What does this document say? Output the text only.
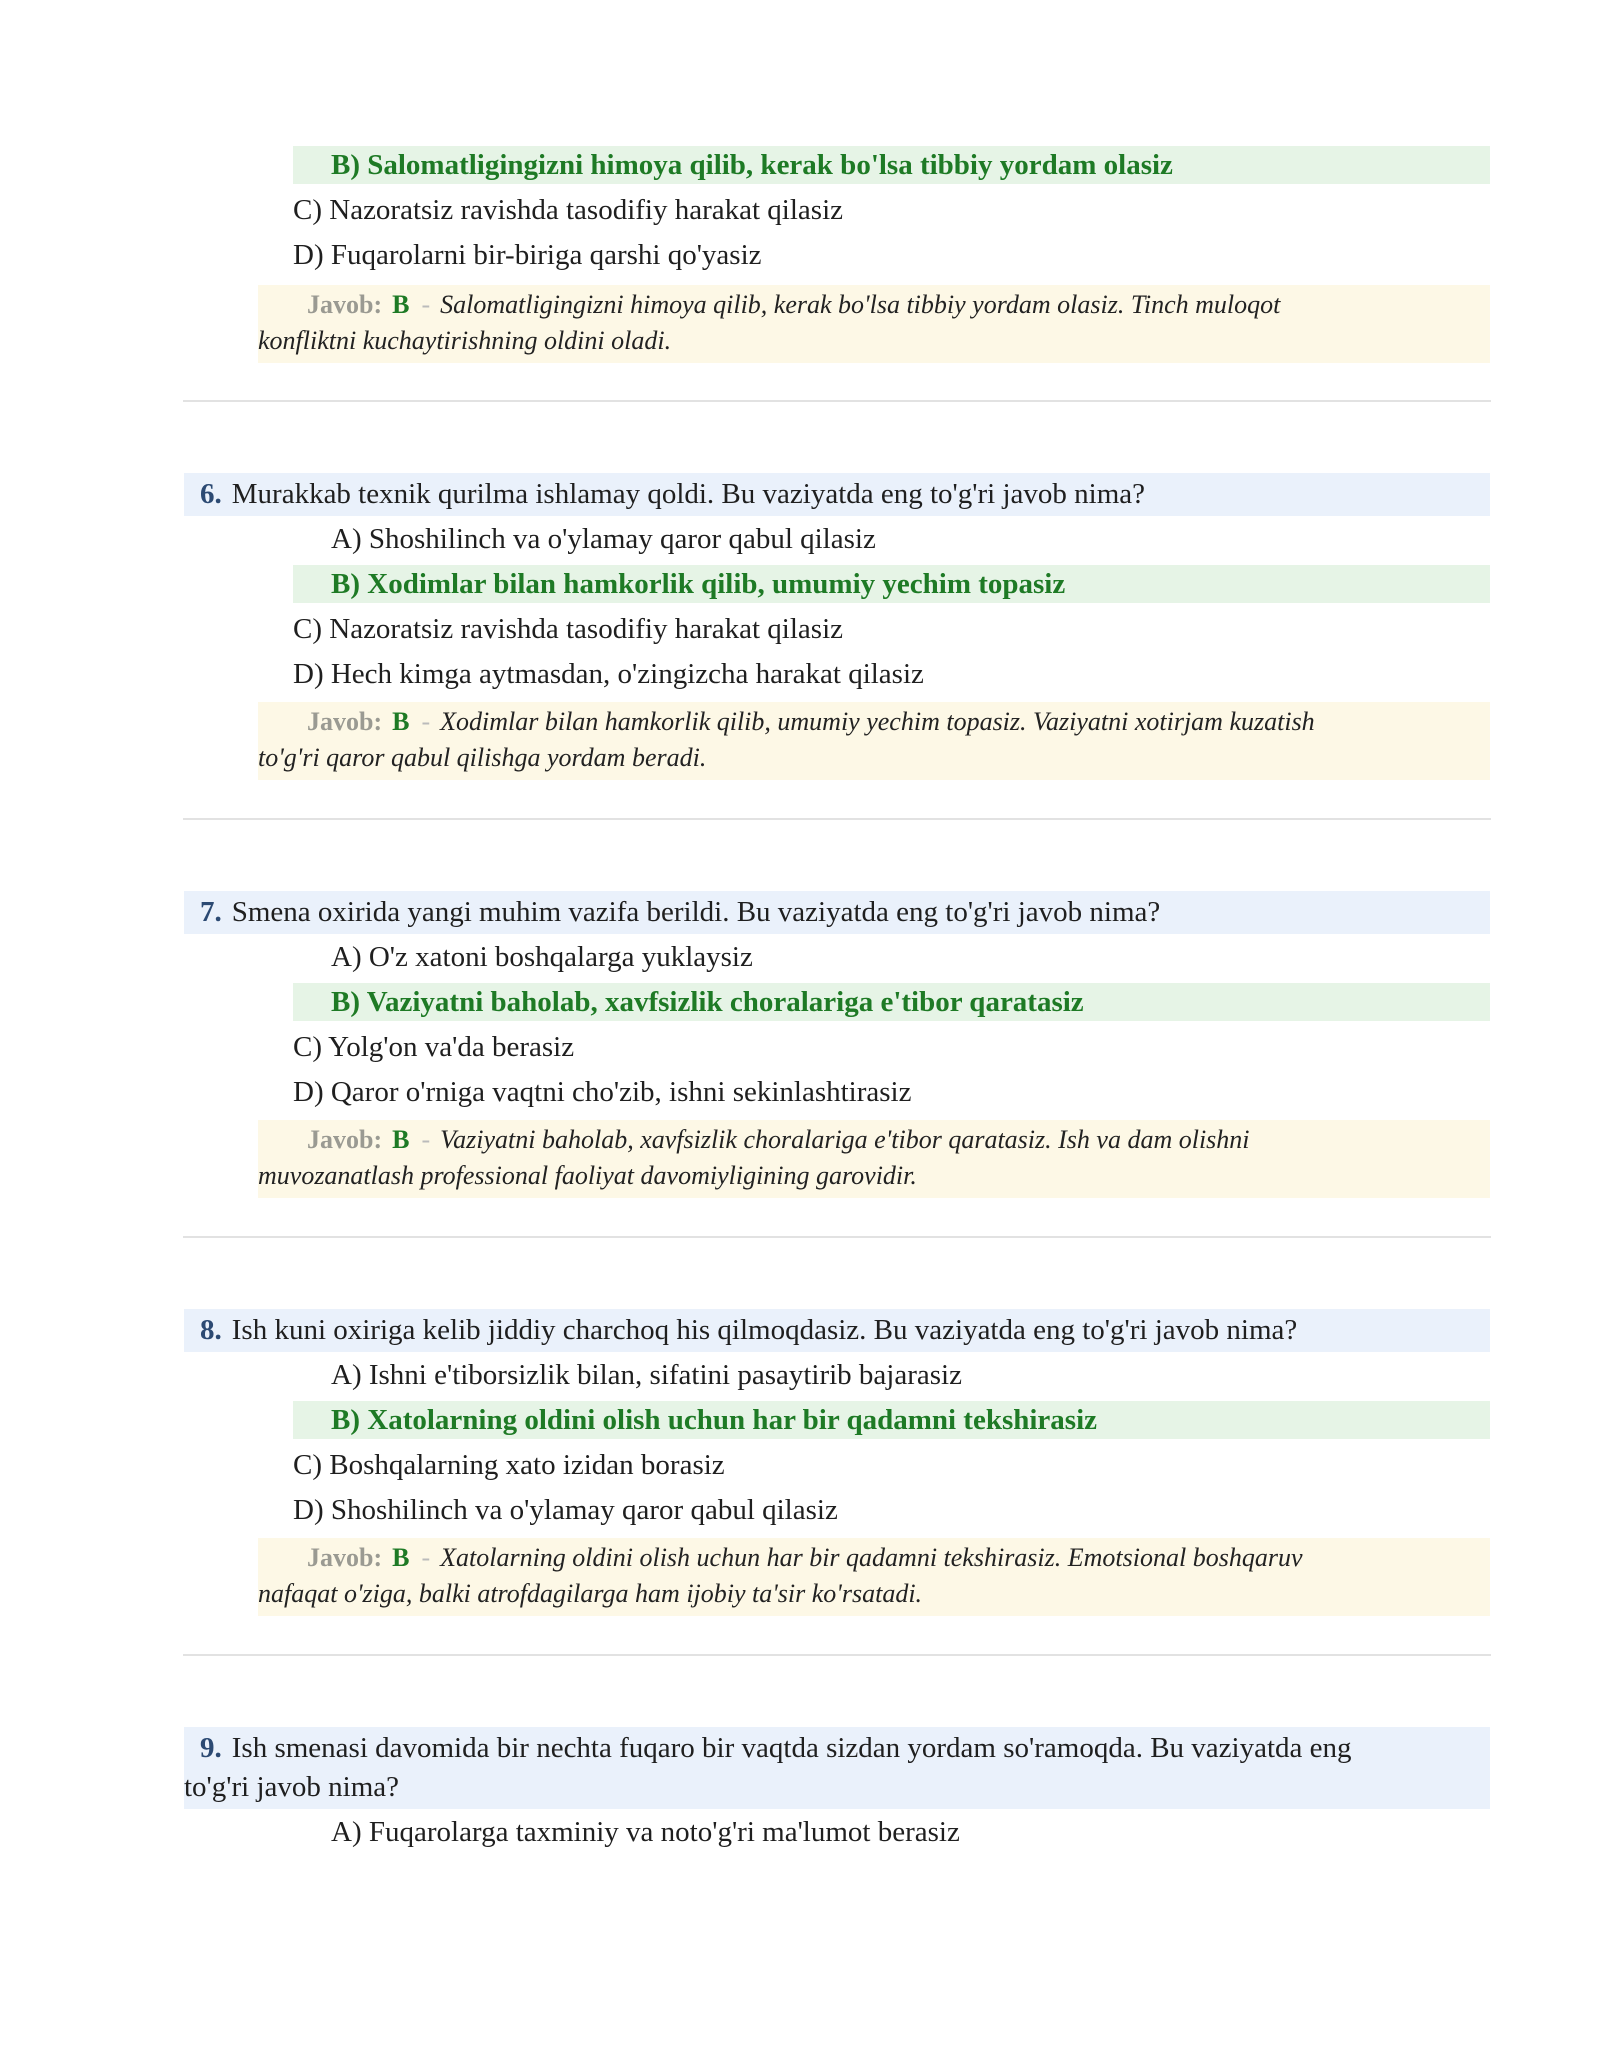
B) Salomatligingizni himoya qilib, kerak bo'lsa tibbiy yordam olasiz
C) Nazoratsiz ravishda tasodifiy harakat qilasiz
D) Fuqarolarni bir-biriga qarshi qo'yasiz
Javob: B - Salomatligingizni himoya qilib, kerak bo'lsa tibbiy yordam olasiz. Tinch muloqot
konfliktni kuchaytirishning oldini oladi.
6. Murakkab texnik qurilma ishlamay qoldi. Bu vaziyatda eng to'g'ri javob nima?
A) Shoshilinch va o'ylamay qaror qabul qilasiz
B) Xodimlar bilan hamkorlik qilib, umumiy yechim topasiz
C) Nazoratsiz ravishda tasodifiy harakat qilasiz
D) Hech kimga aytmasdan, o'zingizcha harakat qilasiz
Javob: B - Xodimlar bilan hamkorlik qilib, umumiy yechim topasiz. Vaziyatni xotirjam kuzatish
to'g'ri qaror qabul qilishga yordam beradi.
7. Smena oxirida yangi muhim vazifa berildi. Bu vaziyatda eng to'g'ri javob nima?
A) O'z xatoni boshqalarga yuklaysiz
B) Vaziyatni baholab, xavfsizlik choralariga e'tibor qaratasiz
C) Yolg'on va'da berasiz
D) Qaror o'rniga vaqtni cho'zib, ishni sekinlashtirasiz
Javob: B - Vaziyatni baholab, xavfsizlik choralariga e'tibor qaratasiz. Ish va dam olishni
muvozanatlash professional faoliyat davomiyligining garovidir.
8. Ish kuni oxiriga kelib jiddiy charchoq his qilmoqdasiz. Bu vaziyatda eng to'g'ri javob nima?
A) Ishni e'tiborsizlik bilan, sifatini pasaytirib bajarasiz
B) Xatolarning oldini olish uchun har bir qadamni tekshirasiz
C) Boshqalarning xato izidan borasiz
D) Shoshilinch va o'ylamay qaror qabul qilasiz
Javob: B - Xatolarning oldini olish uchun har bir qadamni tekshirasiz. Emotsional boshqaruv
nafaqat o'ziga, balki atrofdagilarga ham ijobiy ta'sir ko'rsatadi.
9. Ish smenasi davomida bir nechta fuqaro bir vaqtda sizdan yordam so'ramoqda. Bu vaziyatda eng
to'g'ri javob nima?
A) Fuqarolarga taxminiy va noto'g'ri ma'lumot berasiz
